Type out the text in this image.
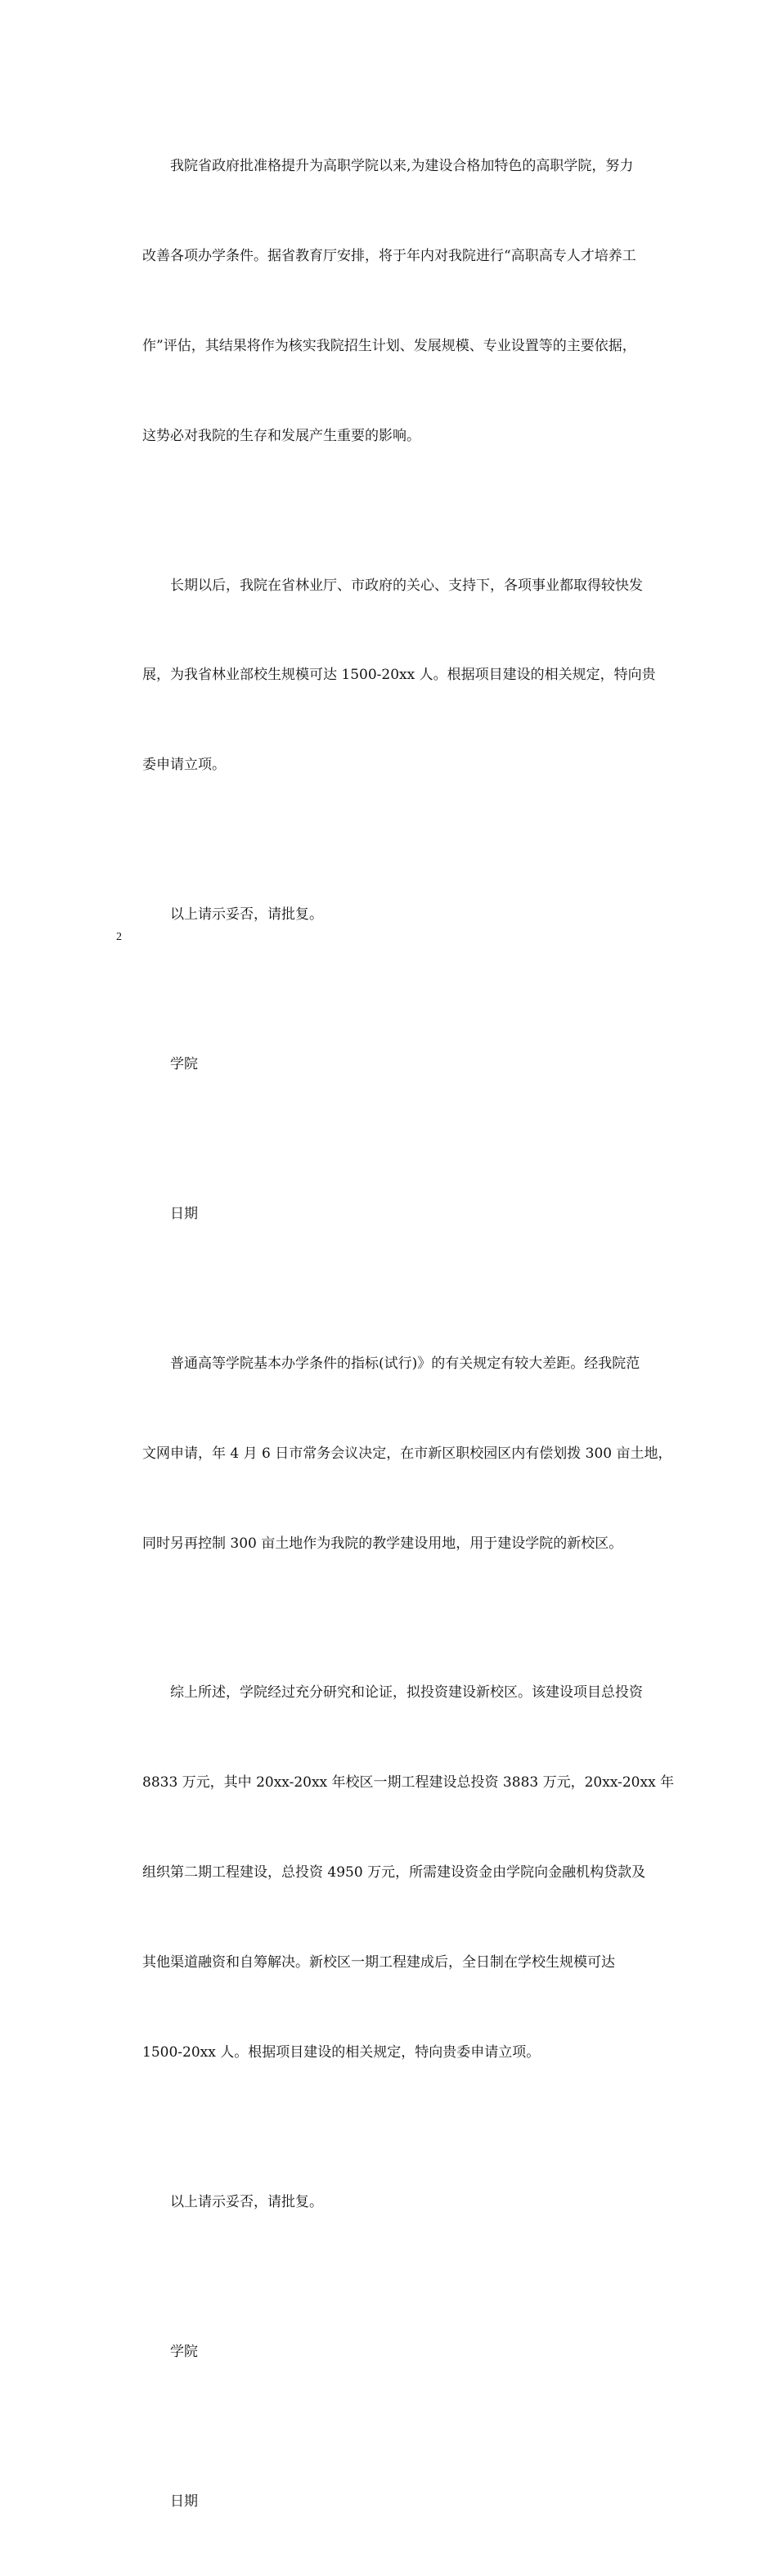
我院省政府批准格提升为高职学院以来,为建设合格加特色的高职学院，努力

改善各项办学条件。据省教育厅安排，将于年内对我院进行“高职高专人才培养工

作”评估，其结果将作为核实我院招生计划、发展规模、专业设置等的主要依据，

这势必对我院的生存和发展产生重要的影响。

长期以后，我院在省林业厅、市政府的关心、支持下，各项事业都取得较快发

展，为我省林业部校生规模可达 1500-20xx 人。根据项目建设的相关规定，特向贵

委申请立项。

以上请示妥否，请批复。

学院

日期

普通高等学院基本办学条件的指标(试行)》的有关规定有较大差距。经我院范

文网申请，年 4 月 6 日市常务会议决定，在市新区职校园区内有偿划拨 300 亩土地，

同时另再控制 300 亩土地作为我院的教学建设用地，用于建设学院的新校区。

综上所述，学院经过充分研究和论证，拟投资建设新校区。该建设项目总投资

8833 万元，其中 20xx-20xx 年校区一期工程建设总投资 3883 万元，20xx-20xx 年

组织第二期工程建设，总投资 4950 万元，所需建设资金由学院向金融机构贷款及

其他渠道融资和自筹解决。新校区一期工程建成后，全日制在学校生规模可达

1500-20xx 人。根据项目建设的相关规定，特向贵委申请立项。

以上请示妥否，请批复。

学院

日期

2
